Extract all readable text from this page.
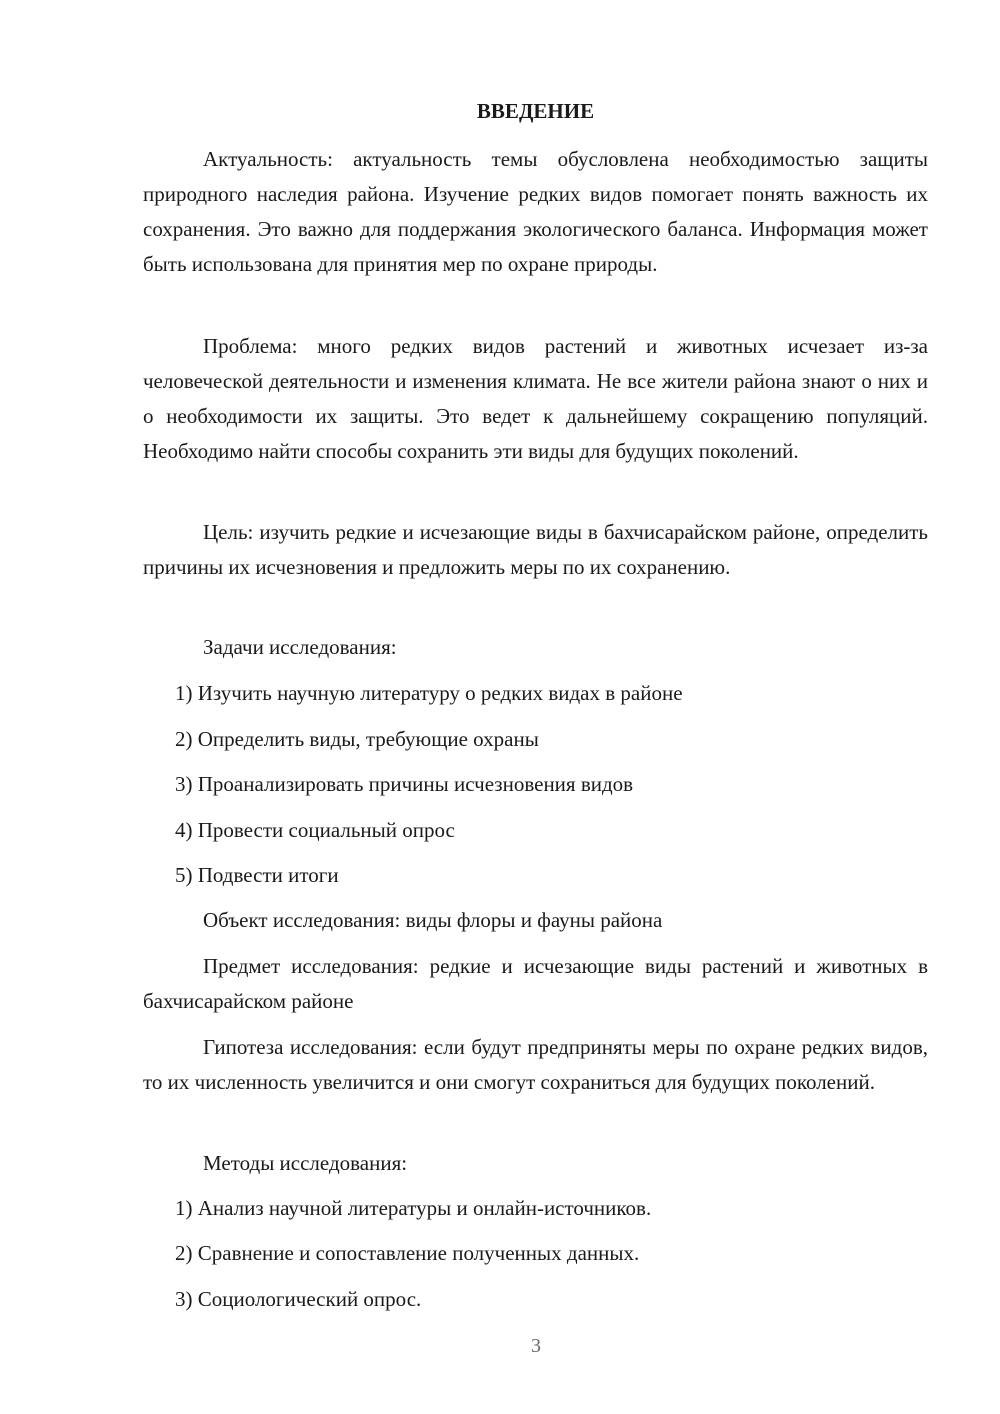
ВВЕДЕНИЕ

Актуальность: актуальность темы обусловлена необходимостью защиты природного наследия района. Изучение редких видов помогает понять важность их сохранения. Это важно для поддержания экологического баланса. Информация может быть использована для принятия мер по охране природы.

Проблема: много редких видов растений и животных исчезает из-за человеческой деятельности и изменения климата. Не все жители района знают о них и о необходимости их защиты. Это ведет к дальнейшему сокращению популяций. Необходимо найти способы сохранить эти виды для будущих поколений.

Цель: изучить редкие и исчезающие виды в бахчисарайском районе, определить причины их исчезновения и предложить меры по их сохранению.

Задачи исследования:
1) Изучить научную литературу о редких видах в районе
2) Определить виды, требующие охраны
3) Проанализировать причины исчезновения видов
4) Провести социальный опрос
5) Подвести итоги
Объект исследования: виды флоры и фауны района

Предмет исследования: редкие и исчезающие виды растений и животных в бахчисарайском районе

Гипотеза исследования: если будут предприняты меры по охране редких видов, то их численность увеличится и они смогут сохраниться для будущих поколений.

Методы исследования:
1) Анализ научной литературы и онлайн-источников.
2) Сравнение и сопоставление полученных данных.
3) Социологический опрос.
3
